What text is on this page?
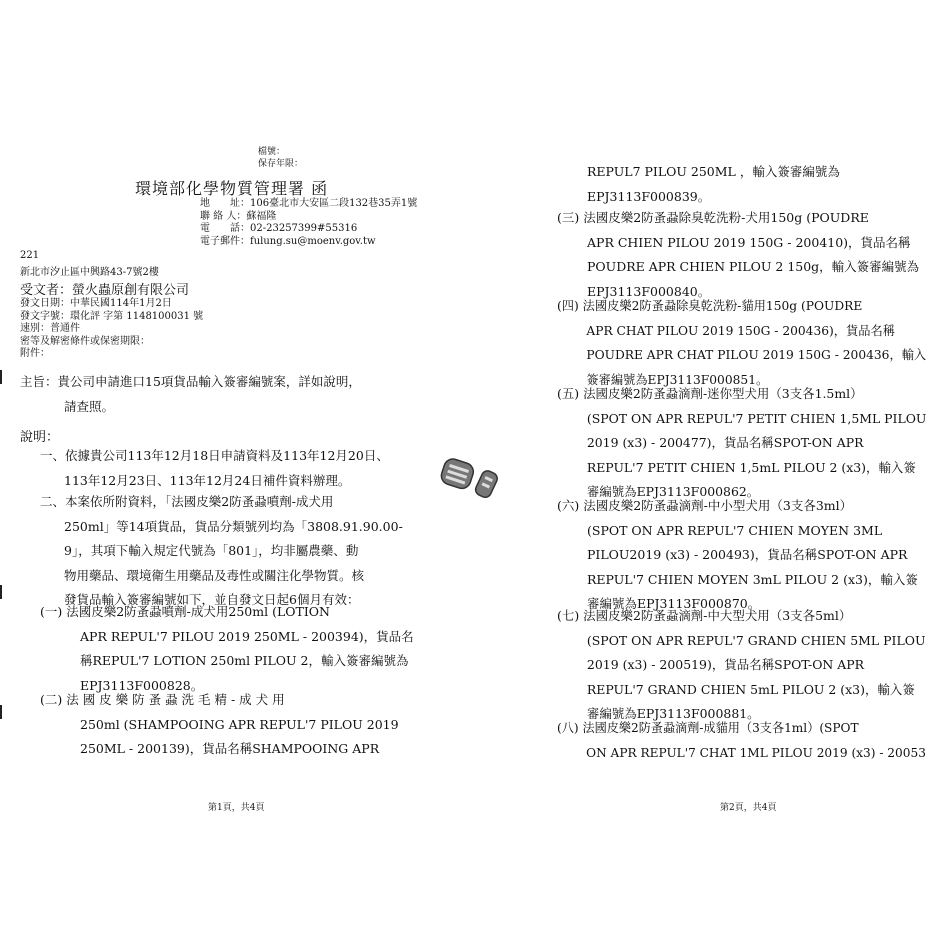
檔號：
保存年限：
環境部化學物質管理署 函
地　　址：106臺北市大安區二段132巷35弄1號
聯 絡 人：蘇福隆
電　　話：02-23257399#55316
電子郵件：fulung.su@moenv.gov.tw
221
新北市汐止區中興路43-7號2樓
受文者：螢火蟲原創有限公司
發文日期：中華民國114年1月2日
發文字號：環化評 字第 1148100031 號
速別：普通件
密等及解密條件或保密期限：
附件：
主旨：貴公司申請進口15項貨品輸入簽審編號案，詳如說明，
請查照。
說明：
一、依據貴公司113年12月18日申請資料及113年12月20日、
113年12月23日、113年12月24日補件資料辦理。
二、本案依所附資料，「法國皮樂2防蚤蝨噴劑-成犬用
250ml」等14項貨品，貨品分類號列均為「3808.91.90.00-
9」，其項下輸入規定代號為「801」，均非屬農藥、動
物用藥品、環境衛生用藥品及毒性或關注化學物質。核
發貨品輸入簽審編號如下，並自發文日起6個月有效：
(一) 法國皮樂2防蚤蝨噴劑-成犬用250ml (LOTION
APR REPUL'7 PILOU 2019 250ML - 200394)，貨品名
稱REPUL'7 LOTION 250ml PILOU 2，輸入簽審編號為
EPJ3113F000828。
(二) 法 國 皮 樂 防 蚤 蝨 洗 毛 精 - 成 犬 用
250ml (SHAMPOOING APR REPUL'7 PILOU 2019
250ML - 200139)，貨品名稱SHAMPOOING APR
第1頁，共4頁
REPUL7 PILOU 250ML ，輸入簽審編號為
EPJ3113F000839。
(三) 法國皮樂2防蚤蝨除臭乾洗粉-犬用150g (POUDRE
APR CHIEN PILOU 2019 150G - 200410)，貨品名稱
POUDRE APR CHIEN PILOU 2 150g，輸入簽審編號為
EPJ3113F000840。
(四) 法國皮樂2防蚤蝨除臭乾洗粉-貓用150g (POUDRE
APR CHAT PILOU 2019 150G - 200436)，貨品名稱
POUDRE APR CHAT PILOU 2019 150G - 200436，輸入
簽審編號為EPJ3113F000851。
(五) 法國皮樂2防蚤蝨滴劑-迷你型犬用（3支各1.5ml）
(SPOT ON APR REPUL'7 PETIT CHIEN 1,5ML PILOU
2019 (x3) - 200477)，貨品名稱SPOT-ON APR
REPUL'7 PETIT CHIEN 1,5mL PILOU 2 (x3)，輸入簽
審編號為EPJ3113F000862。
(六) 法國皮樂2防蚤蝨滴劑-中小型犬用（3支各3ml）
(SPOT ON APR REPUL'7 CHIEN MOYEN 3ML
PILOU2019 (x3) - 200493)，貨品名稱SPOT-ON APR
REPUL'7 CHIEN MOYEN 3mL PILOU 2 (x3)，輸入簽
審編號為EPJ3113F000870。
(七) 法國皮樂2防蚤蝨滴劑-中大型犬用（3支各5ml）
(SPOT ON APR REPUL'7 GRAND CHIEN 5ML PILOU
2019 (x3) - 200519)，貨品名稱SPOT-ON APR
REPUL'7 GRAND CHIEN 5mL PILOU 2 (x3)，輸入簽
審編號為EPJ3113F000881。
(八) 法國皮樂2防蚤蝨滴劑-成貓用（3支各1ml）(SPOT
ON APR REPUL'7 CHAT 1ML PILOU 2019 (x3) - 20053
第2頁，共4頁
